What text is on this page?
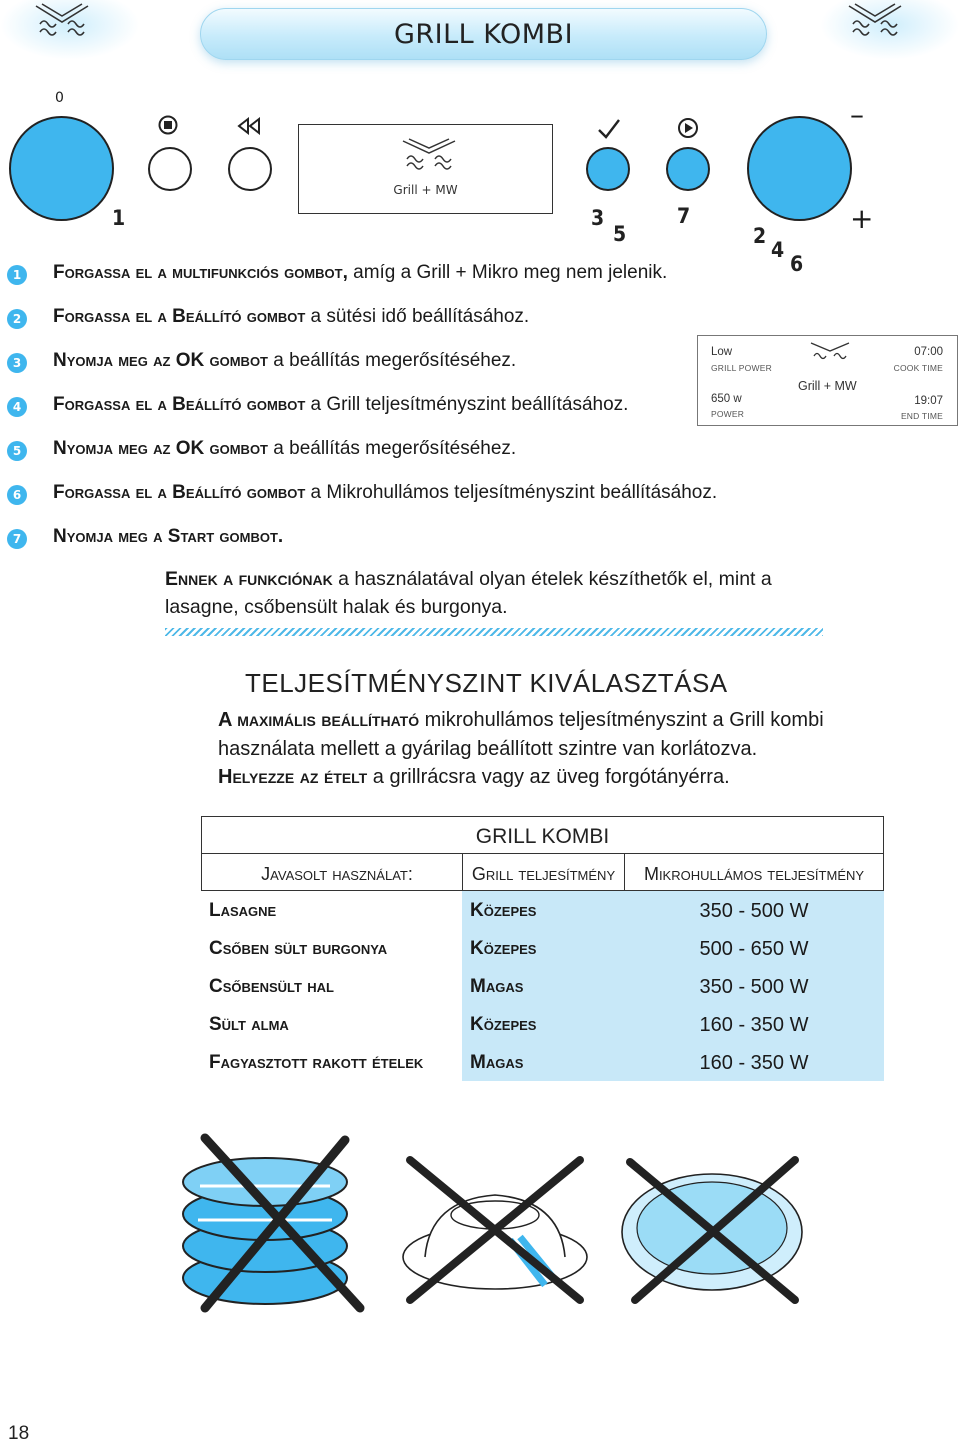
GRILL KOMBI
0
Grill + MW
–
+
1	3
5
7
2
4
6
1	Forgassa el a multifunkciós gombot, amíg a Grill + Mikro meg nem jelenik.
2	Forgassa el a Beállító gombot a sütési idő beállításához.
3	Nyomja meg az OK gombot a beállítás megerősítéséhez.
4	Forgassa el a Beállító gombot a Grill teljesítményszint beállításához.
5	Nyomja meg az OK gombot a beállítás megerősítéséhez.
6	Forgassa el a Beállító gombot a Mikrohullámos teljesítményszint beállításához.
7	Nyomja meg a Start gombot.
Low
GRILL POWER
Grill + MW
650 w
POWER
07:00
COOK TIME
19:07
END TIME
Ennek a funkciónak a használatával olyan ételek készíthetők el, mint a lasagne, csőbensült halak és burgonya.
TELJESÍTMÉNYSZINT KIVÁLASZTÁSA
A maximális beállítható mikrohullámos teljesítményszint a Grill kombi használata mellett a gyárilag beállított szintre van korlátozva.
Helyezze az ételt a grillrácsra vagy az üveg forgótányérra.
GRILL KOMBI
Javasolt használat:	Grill teljesítmény	Mikrohullámos teljesítmény
Lasagne	Közepes	350 - 500 W
Csőben sült burgonya	Közepes	500 - 650 W
Csőbensült hal	Magas	350 - 500 W
Sült alma	Közepes	160 - 350 W
Fagyasztott rakott ételek	Magas	160 - 350 W
18
